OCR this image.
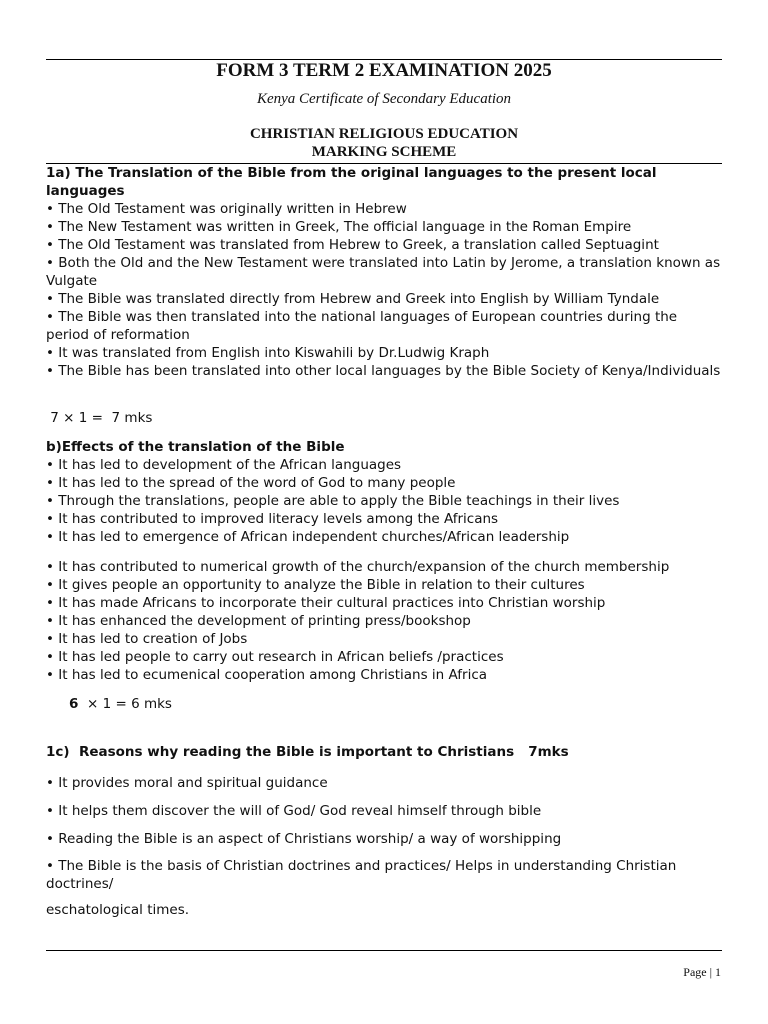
FORM 3 TERM 2 EXAMINATION 2025
Kenya Certificate of Secondary Education
CHRISTIAN RELIGIOUS EDUCATION
MARKING SCHEME
1a) The Translation of the Bible from the original languages to the present local languages
• The Old Testament was originally written in Hebrew
• The New Testament was written in Greek, The official language in the Roman Empire
• The Old Testament was translated from Hebrew to Greek, a translation called Septuagint
• Both the Old and the New Testament were translated into Latin by Jerome, a translation known as Vulgate
• The Bible was translated directly from Hebrew and Greek into English by William Tyndale
• The Bible was then translated into the national languages of European countries during the period of reformation
• It was translated from English into Kiswahili by Dr.Ludwig Kraph
• The Bible has been translated into other local languages by the Bible Society of Kenya/Individuals
7 × 1 =  7 mks
b)Effects of the translation of the Bible
• It has led to development of the African languages
• It has led to the spread of the word of God to many people
• Through the translations, people are able to apply the Bible teachings in their lives
• It has contributed to improved literacy levels among the Africans
• It has led to emergence of African independent churches/African leadership
• It has contributed to numerical growth of the church/expansion of the church membership
• It gives people an opportunity to analyze the Bible in relation to their cultures
• It has made Africans to incorporate their cultural practices into Christian worship
• It has enhanced the development of printing press/bookshop
• It has led to creation of Jobs
• It has led people to carry out research in African beliefs /practices
• It has led to ecumenical cooperation among Christians in Africa
6  × 1 = 6 mks
1c)  Reasons why reading the Bible is important to Christians   7mks
• It provides moral and spiritual guidance
• It helps them discover the will of God/ God reveal himself through bible
• Reading the Bible is an aspect of Christians worship/ a way of worshipping
• The Bible is the basis of Christian doctrines and practices/ Helps in understanding Christian doctrines/
eschatological times.
Page | 1
